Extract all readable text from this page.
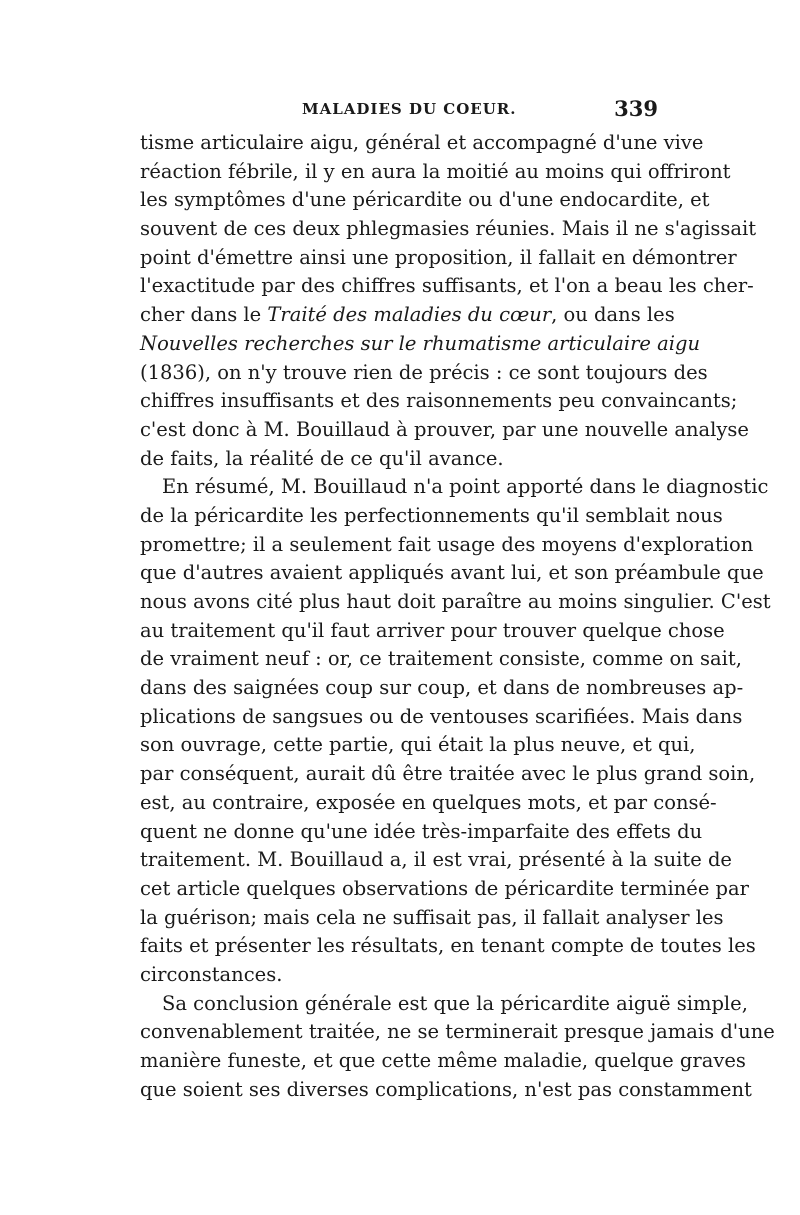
MALADIES DU COEUR.	339
tisme articulaire aigu, général et accompagné d'une vive
réaction fébrile, il y en aura la moitié au moins qui offriront
les symptômes d'une péricardite ou d'une endocardite, et
souvent de ces deux phlegmasies réunies. Mais il ne s'agissait
point d'émettre ainsi une proposition, il fallait en démontrer
l'exactitude par des chiffres suffisants, et l'on a beau les cher-
cher dans le Traité des maladies du cœur, ou dans les
Nouvelles recherches sur le rhumatisme articulaire aigu
(1836), on n'y trouve rien de précis : ce sont toujours des
chiffres insuffisants et des raisonnements peu convaincants;
c'est donc à M. Bouillaud à prouver, par une nouvelle analyse
de faits, la réalité de ce qu'il avance.
En résumé, M. Bouillaud n'a point apporté dans le diagnostic
de la péricardite les perfectionnements qu'il semblait nous
promettre; il a seulement fait usage des moyens d'exploration
que d'autres avaient appliqués avant lui, et son préambule que
nous avons cité plus haut doit paraître au moins singulier. C'est
au traitement qu'il faut arriver pour trouver quelque chose
de vraiment neuf : or, ce traitement consiste, comme on sait,
dans des saignées coup sur coup, et dans de nombreuses ap-
plications de sangsues ou de ventouses scarifiées. Mais dans
son ouvrage, cette partie, qui était la plus neuve, et qui,
par conséquent, aurait dû être traitée avec le plus grand soin,
est, au contraire, exposée en quelques mots, et par consé-
quent ne donne qu'une idée très-imparfaite des effets du
traitement. M. Bouillaud a, il est vrai, présenté à la suite de
cet article quelques observations de péricardite terminée par
la guérison; mais cela ne suffisait pas, il fallait analyser les
faits et présenter les résultats, en tenant compte de toutes les
circonstances.
Sa conclusion générale est que la péricardite aiguë simple,
convenablement traitée, ne se terminerait presque jamais d'une
manière funeste, et que cette même maladie, quelque graves
que soient ses diverses complications, n'est pas constamment
